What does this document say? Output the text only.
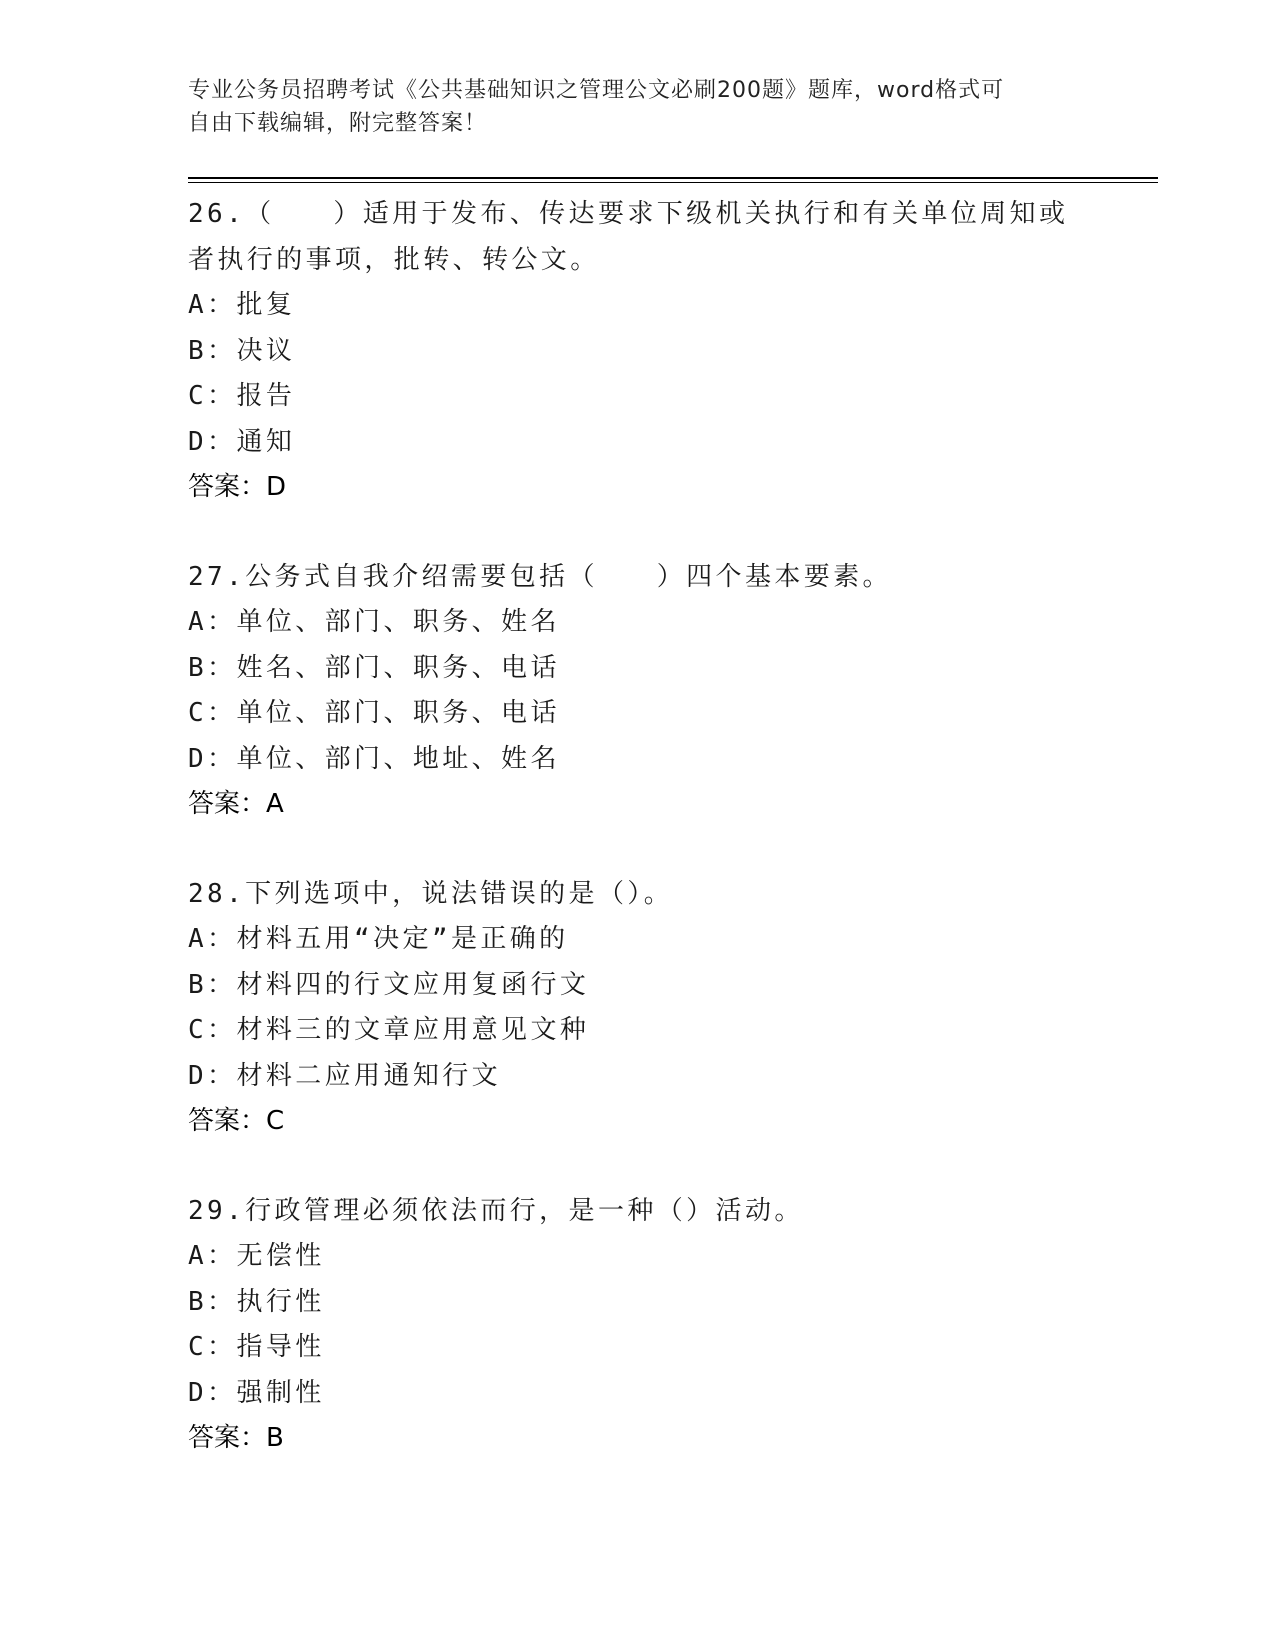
专业公务员招聘考试《公共基础知识之管理公文必刷200题》题库，word格式可
自由下载编辑，附完整答案！
26.（　　）适用于发布、传达要求下级机关执行和有关单位周知或者执行的事项，批转、转公文。
A：批复
B：决议
C：报告
D：通知
答案：D
27.公务式自我介绍需要包括（　　）四个基本要素。
A：单位、部门、职务、姓名
B：姓名、部门、职务、电话
C：单位、部门、职务、电话
D：单位、部门、地址、姓名
答案：A
28.下列选项中，说法错误的是（）。
A：材料五用“决定”是正确的
B：材料四的行文应用复函行文
C：材料三的文章应用意见文种
D：材料二应用通知行文
答案：C
29.行政管理必须依法而行，是一种（）活动。
A：无偿性
B：执行性
C：指导性
D：强制性
答案：B
